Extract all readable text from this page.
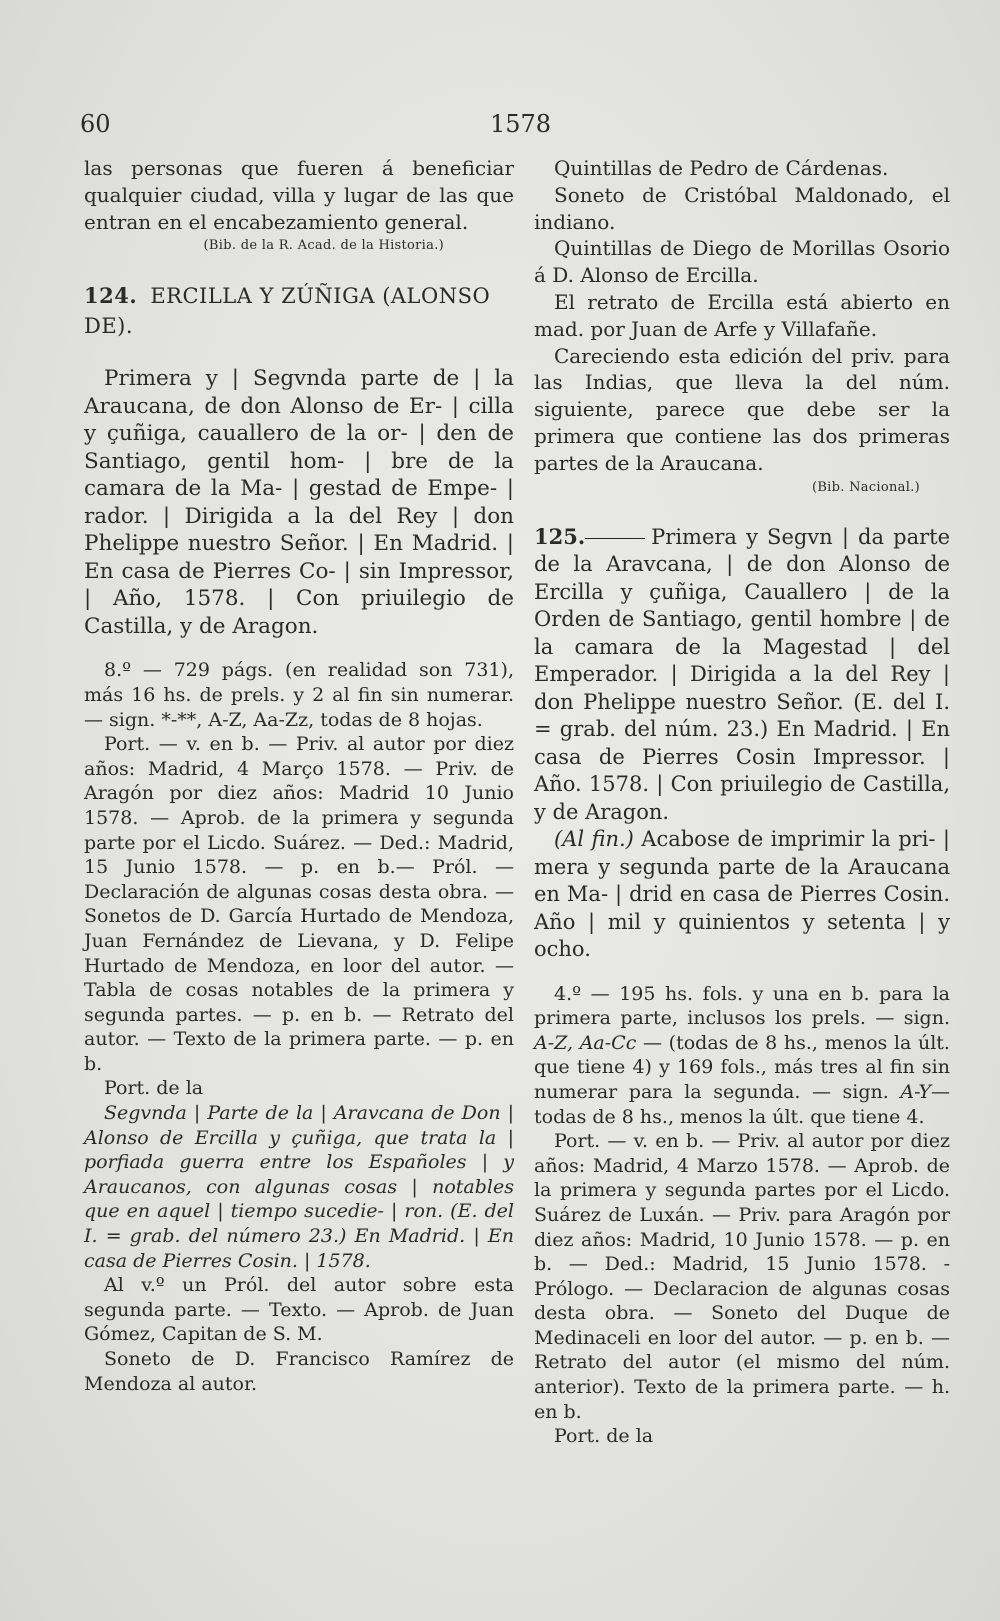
60	1578

las personas que fueren á beneficiar qualquier ciudad, villa y lugar de las que entran en el encabezamiento general.

(Bib. de la R. Acad. de la Historia.)
124. ERCILLA Y ZÚÑIGA (ALONSO DE).

Primera y | Segvnda parte de | la Araucana, de don Alonso de Er- | cilla y çuñiga, cauallero de la or- | den de Santiago, gentil hom- | bre de la camara de la Ma- | gestad de Empe- | rador. | Dirigida a la del Rey | don Phelippe nuestro Señor. | En Madrid. | En casa de Pierres Co- | sin Impressor, | Año, 1578. | Con priuilegio de Castilla, y de Aragon.

8.º — 729 págs. (en realidad son 731), más 16 hs. de prels. y 2 al fin sin numerar. — sign. *-**, A-Z, Aa-Zz, todas de 8 hojas.

Port. — v. en b. — Priv. al autor por diez años: Madrid, 4 Março 1578. — Priv. de Aragón por diez años: Madrid 10 Junio 1578. — Aprob. de la primera y segunda parte por el Licdo. Suárez. — Ded.: Madrid, 15 Junio 1578. — p. en b.— Pról. — Declaración de algunas cosas desta obra. — Sonetos de D. García Hurtado de Mendoza, Juan Fernández de Lievana, y D. Felipe Hurtado de Mendoza, en loor del autor. — Tabla de cosas notables de la primera y segunda partes. — p. en b. — Retrato del autor. — Texto de la primera parte. — p. en b.

Port. de la

Segvnda | Parte de la | Aravcana de Don | Alonso de Ercilla y çuñiga, que trata la | porfiada guerra entre los Españoles | y Araucanos, con algunas cosas | notables que en aquel | tiempo sucedie- | ron. (E. del I. = grab. del número 23.) En Madrid. | En casa de Pierres Cosin. | 1578.

Al v.º un Pról. del autor sobre esta segunda parte. — Texto. — Aprob. de Juan Gómez, Capitan de S. M.

Soneto de D. Francisco Ramírez de Mendoza al autor.

Quintillas de Pedro de Cárdenas.

Soneto de Cristóbal Maldonado, el indiano.

Quintillas de Diego de Morillas Osorio á D. Alonso de Ercilla.

El retrato de Ercilla está abierto en mad. por Juan de Arfe y Villafañe.

Careciendo esta edición del priv. para las Indias, que lleva la del núm. siguiente, parece que debe ser la primera que contiene las dos primeras partes de la Araucana.

(Bib. Nacional.)

125.	Primera y Segvn | da parte de la Aravcana, | de don Alonso de Ercilla y çuñiga, Cauallero | de la Orden de Santiago, gentil hombre | de la camara de la Magestad | del Emperador. | Dirigida a la del Rey | don Phelippe nuestro Señor. (E. del I. = grab. del núm. 23.) En Madrid. | En casa de Pierres Cosin Impressor. | Año. 1578. | Con priuilegio de Castilla, y de Aragon.

(Al fin.) Acabose de imprimir la pri- | mera y segunda parte de la Araucana en Ma- | drid en casa de Pierres Cosin. Año | mil y quinientos y setenta | y ocho.

4.º — 195 hs. fols. y una en b. para la primera parte, inclusos los prels. — sign. A-Z, Aa-Cc — (todas de 8 hs., menos la últ. que tiene 4) y 169 fols., más tres al fin sin numerar para la segunda. — sign. A-Y— todas de 8 hs., menos la últ. que tiene 4.

Port. — v. en b. — Priv. al autor por diez años: Madrid, 4 Marzo 1578. — Aprob. de la primera y segunda partes por el Licdo. Suárez de Luxán. — Priv. para Aragón por diez años: Madrid, 10 Junio 1578. — p. en b. — Ded.: Madrid, 15 Junio 1578. - Prólogo. — Declaracion de algunas cosas desta obra. — Soneto del Duque de Medinaceli en loor del autor. — p. en b. — Retrato del autor (el mismo del núm. anterior). Texto de la primera parte. — h. en b.

Port. de la
